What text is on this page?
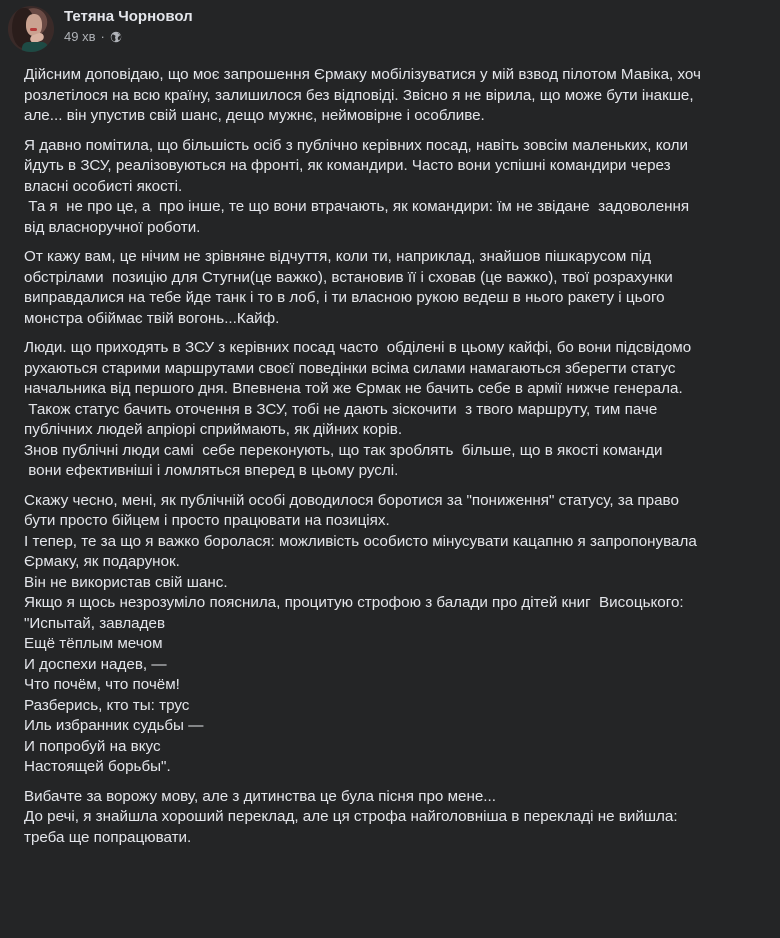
Тетяна Чорновол
49 хв ·
Дійсним доповідаю, що моє запрошення Єрмаку мобілізуватися у мій взвод пілотом Мавіка, хоч
розлетілося на всю країну, залишилося без відповіді. Звісно я не вірила, що може бути інакше,
але... він упустив свій шанс, дещо мужнє, неймовірне і особливе.
Я давно помітила, що більшість осіб з публічно керівних посад, навіть зовсім маленьких, коли
йдуть в ЗСУ, реалізовуються на фронті, як командири. Часто вони успішні командири через
власні особисті якості.
Та я  не про це, а  про інше, те що вони втрачають, як командири: їм не звідане  задоволення
від власноручної роботи.
От кажу вам, це нічим не зрівняне відчуття, коли ти, наприклад, знайшов пішкарусом під
обстрілами  позицію для Стугни(це важко), встановив її і сховав (це важко), твої розрахунки
виправдалися на тебе йде танк і то в лоб, і ти власною рукою ведеш в нього ракету і цього
монстра обіймає твій вогонь...Кайф.
Люди. що приходять в ЗСУ з керівних посад часто  обділені в цьому кайфі, бо вони підсвідомо
рухаються старими маршрутами своєї поведінки всіма силами намагаються зберегти статус
начальника від першого дня. Впевнена той же Єрмак не бачить себе в армії нижче генерала.
Також статус бачить оточення в ЗСУ, тобі не дають зіскочити  з твого маршруту, тим паче
публічних людей апріорі сприймають, як дійних корів.
Знов публічні люди самі  себе переконують, що так зроблять  більше, що в якості команди
вони ефективніші і ломляться вперед в цьому руслі.
Скажу чесно, мені, як публічній особі доводилося боротися за "пониження" статусу, за право
бути просто бійцем і просто працювати на позиціях.
І тепер, те за що я важко боролася: можливість особисто мінусувати кацапню я запропонувала
Єрмаку, як подарунок.
Він не використав свій шанс.
Якщо я щось незрозуміло пояснила, процитую строфою з балади про дітей книг  Висоцького:
"Испытай, завладев
Ещё тёплым мечом
И доспехи надев, —
Что почём, что почём!
Разберись, кто ты: трус
Иль избранник судьбы —
И попробуй на вкус
Настоящей борьбы".
Вибачте за ворожу мову, але з дитинства це була пісня про мене...
До речі, я знайшла хороший переклад, але ця строфа найголовніша в перекладі не вийшла:
треба ще попрацювати.
